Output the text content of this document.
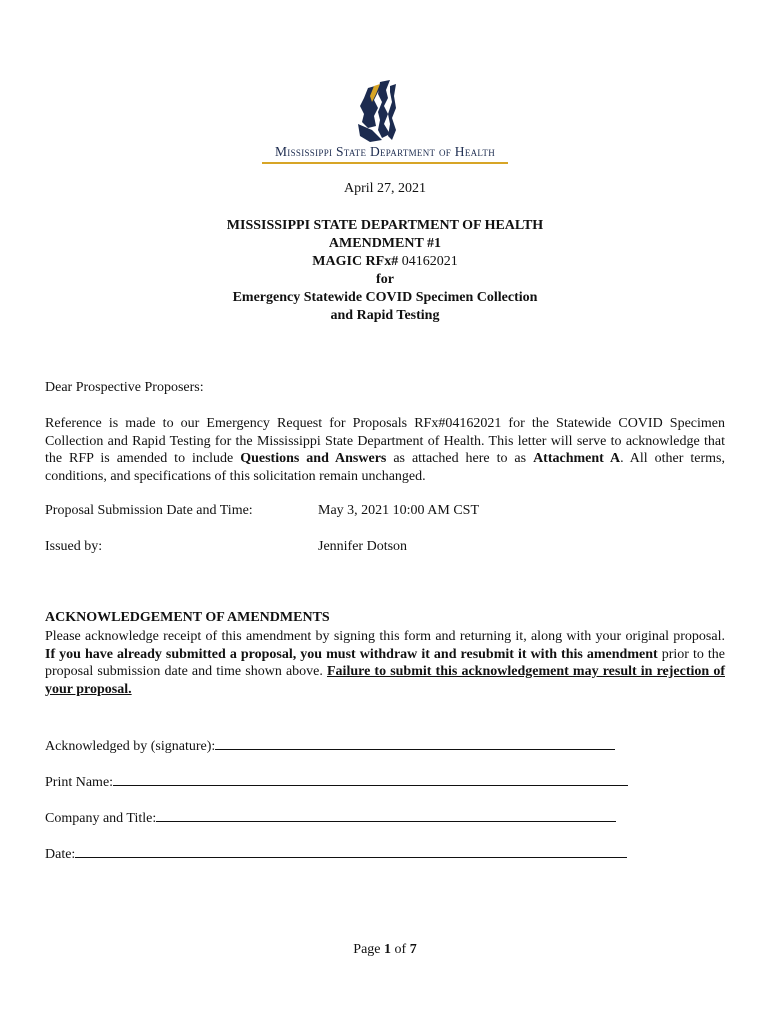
Mississippi State Department of Health
April 27, 2021
MISSISSIPPI STATE DEPARTMENT OF HEALTH
AMENDMENT #1
MAGIC RFx# 04162021
for
Emergency Statewide COVID Specimen Collection
and Rapid Testing
Dear Prospective Proposers:
Reference is made to our Emergency Request for Proposals RFx#04162021 for the Statewide COVID Specimen Collection and Rapid Testing for the Mississippi State Department of Health. This letter will serve to acknowledge that the RFP is amended to include Questions and Answers as attached here to as Attachment A. All other terms, conditions, and specifications of this solicitation remain unchanged.
Proposal Submission Date and Time:	May 3, 2021 10:00 AM CST
Issued by:	Jennifer Dotson
ACKNOWLEDGEMENT OF AMENDMENTS
Please acknowledge receipt of this amendment by signing this form and returning it, along with your original proposal. If you have already submitted a proposal, you must withdraw it and resubmit it with this amendment prior to the proposal submission date and time shown above. Failure to submit this acknowledgement may result in rejection of your proposal.
Acknowledged by (signature):
Print Name:
Company and Title:
Date:
Page 1 of 7
